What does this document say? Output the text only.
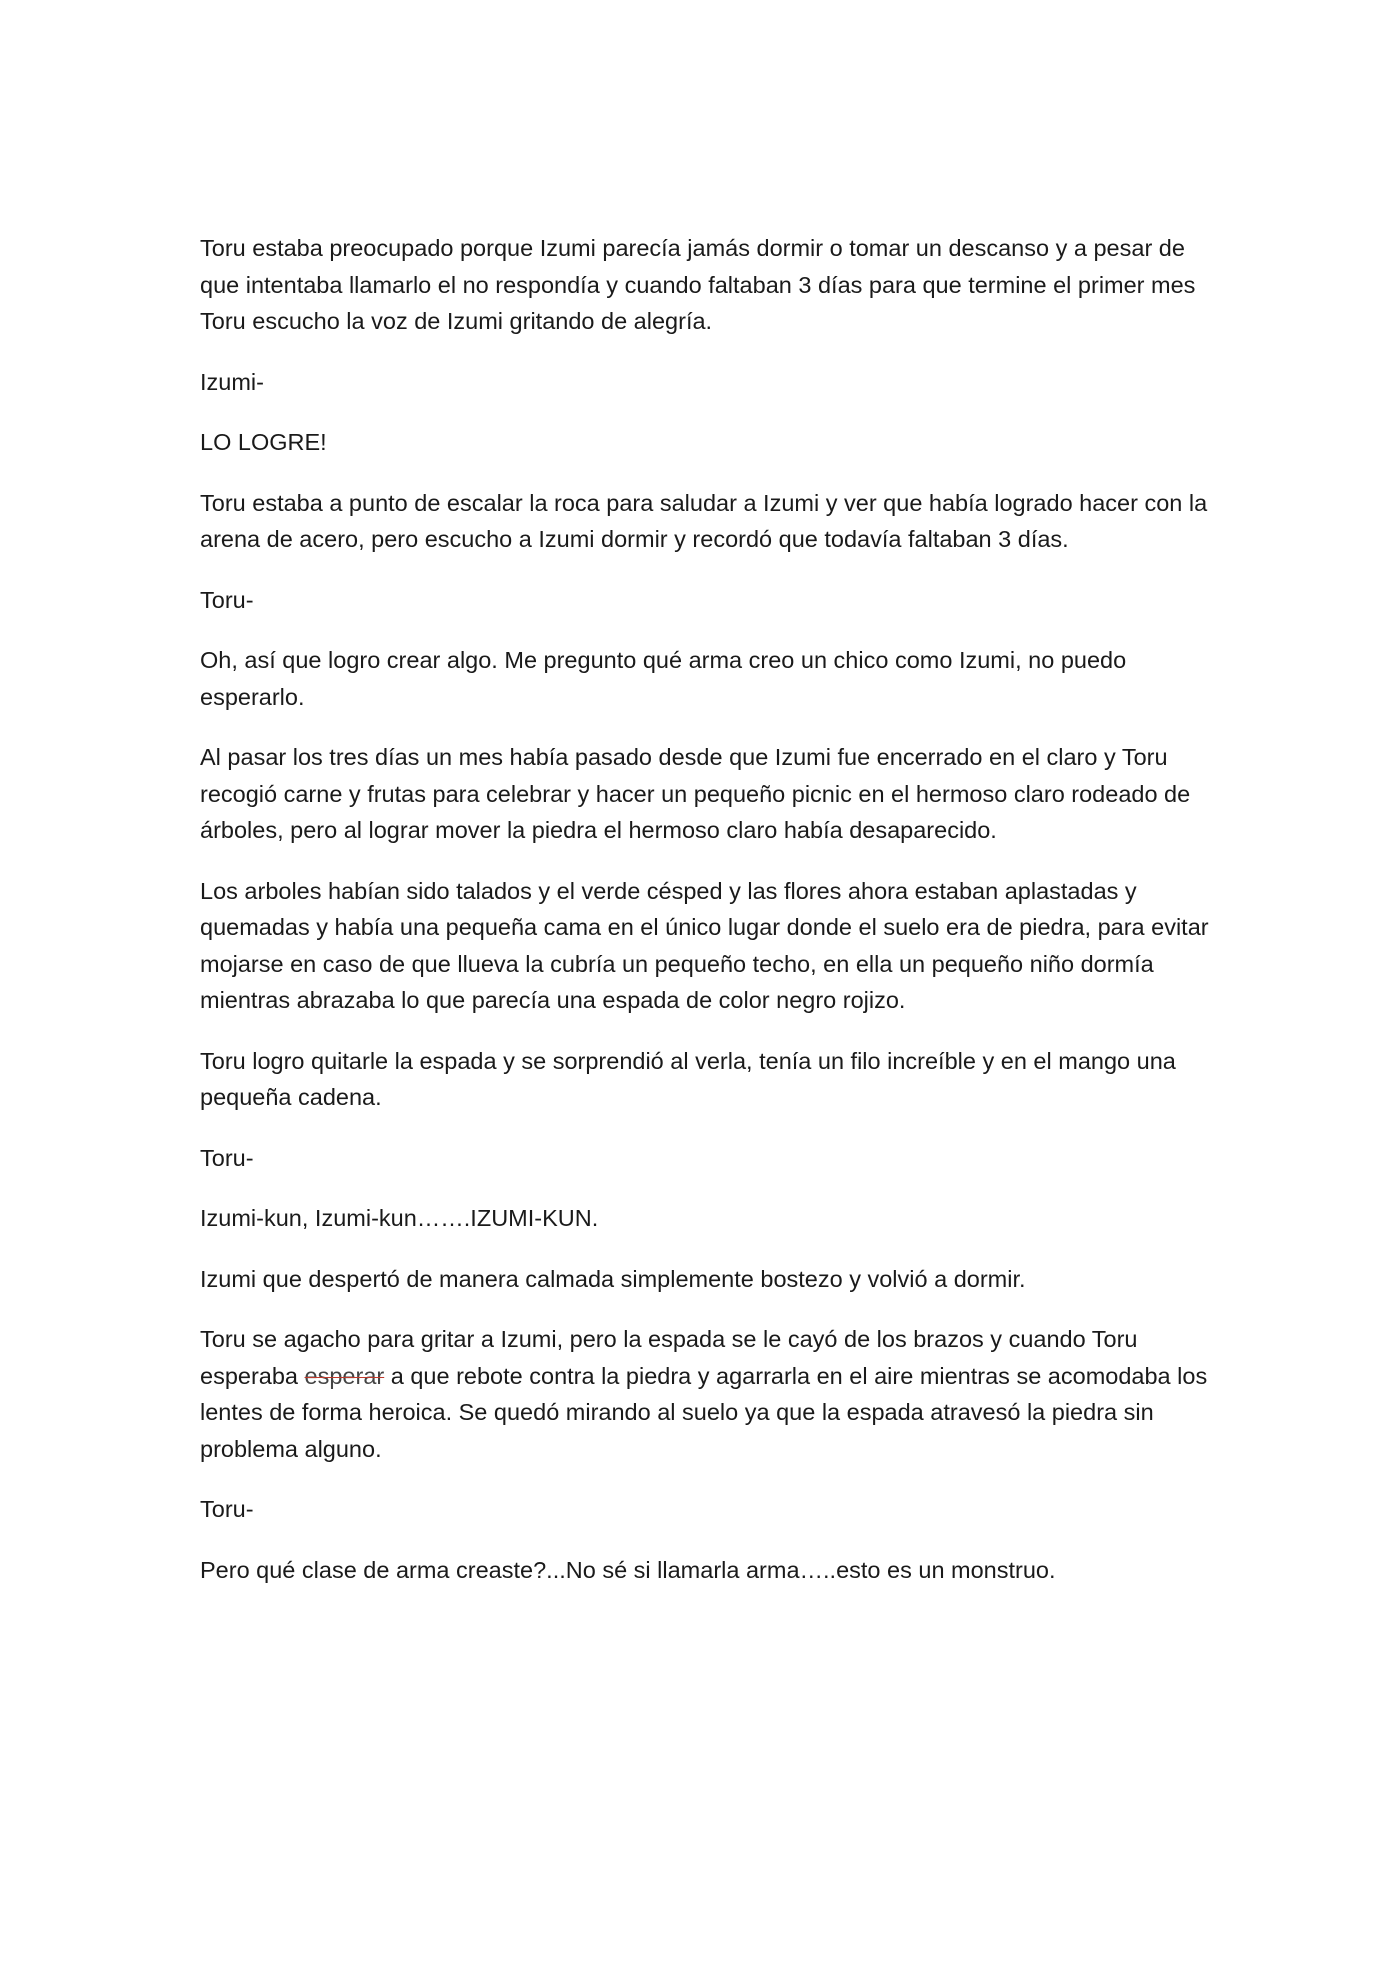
Toru estaba preocupado porque Izumi parecía jamás dormir o tomar un descanso y a pesar de que intentaba llamarlo el no respondía y cuando faltaban 3 días para que termine el primer mes Toru escucho la voz de Izumi gritando de alegría.

Izumi-

LO LOGRE!

Toru estaba a punto de escalar la roca para saludar a Izumi y ver que había logrado hacer con la arena de acero, pero escucho a Izumi dormir y recordó que todavía faltaban 3 días.

Toru-

Oh, así que logro crear algo. Me pregunto qué arma creo un chico como Izumi, no puedo esperarlo.

Al pasar los tres días un mes había pasado desde que Izumi fue encerrado en el claro y Toru recogió carne y frutas para celebrar y hacer un pequeño picnic en el hermoso claro rodeado de árboles, pero al lograr mover la piedra el hermoso claro había desaparecido.

Los arboles habían sido talados y el verde césped y las flores ahora estaban aplastadas y quemadas y había una pequeña cama en el único lugar donde el suelo era de piedra, para evitar mojarse en caso de que llueva la cubría un pequeño techo, en ella un pequeño niño dormía mientras abrazaba lo que parecía una espada de color negro rojizo.

Toru logro quitarle la espada y se sorprendió al verla, tenía un filo increíble y en el mango una pequeña cadena.

Toru-

Izumi-kun, Izumi-kun…….IZUMI-KUN.

Izumi que despertó de manera calmada simplemente bostezo y volvió a dormir.

Toru se agacho para gritar a Izumi, pero la espada se le cayó de los brazos y cuando Toru esperaba esperar a que rebote contra la piedra y agarrarla en el aire mientras se acomodaba los lentes de forma heroica. Se quedó mirando al suelo ya que la espada atravesó la piedra sin problema alguno.

Toru-

Pero qué clase de arma creaste?...No sé si llamarla arma…..esto es un monstruo.
